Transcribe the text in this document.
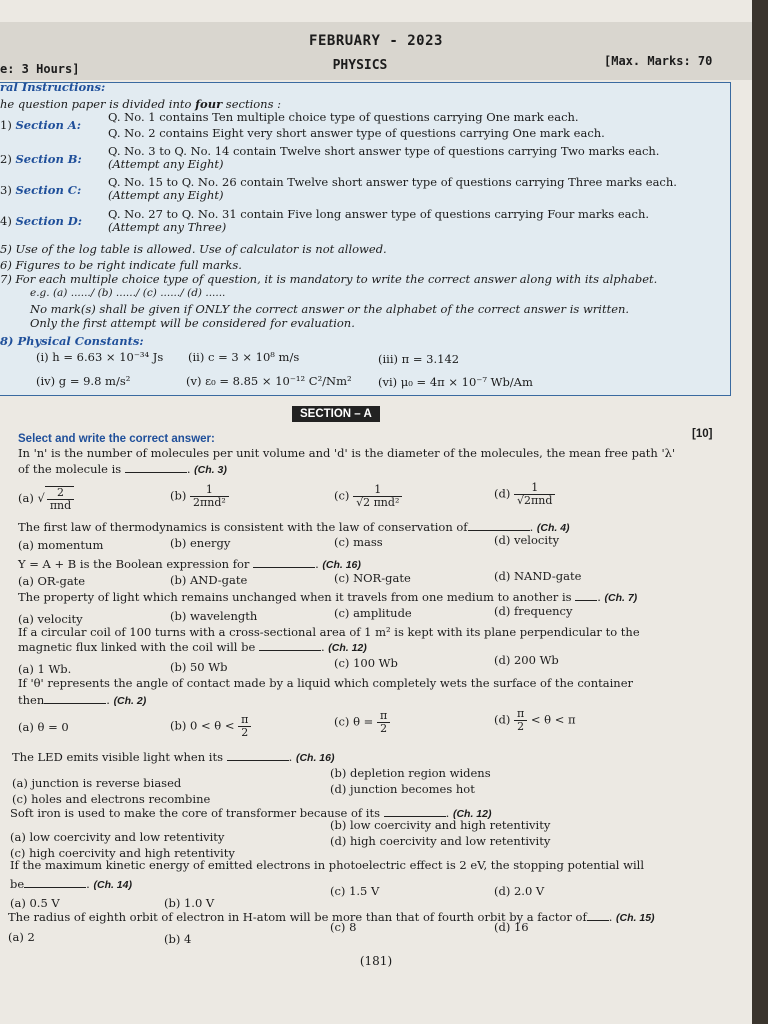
FEBRUARY - 2023
e: 3 Hours]	PHYSICS	[Max. Marks: 70
ral Instructions:
he question paper is divided into four sections :
1) Section A:
Q. No. 1 contains Ten multiple choice type of questions carrying One mark each.
Q. No. 2 contains Eight very short answer type of questions carrying One mark each.
2) Section B:
Q. No. 3 to Q. No. 14 contain Twelve short answer type of questions carrying Two marks each.
(Attempt any Eight)
3) Section C:
Q. No. 15 to Q. No. 26 contain Twelve short answer type of questions carrying Three marks each.
(Attempt any Eight)
4) Section D: Q. No. 27 to Q. No. 31 contain Five long answer type of questions carrying Four marks each.
(Attempt any Three)
5) Use of the log table is allowed. Use of calculator is not allowed.
6) Figures to be right indicate full marks.
7) For each multiple choice type of question, it is mandatory to write the correct answer along with its alphabet.
e.g. (a) ....../ (b) ....../ (c) ....../ (d) ......
No mark(s) shall be given if ONLY the correct answer or the alphabet of the correct answer is written.
Only the first attempt will be considered for evaluation.
8) Physical Constants:
(i) h = 6.63 × 10⁻³⁴ Js (ii) c = 3 × 10⁸ m/s	(iii) π = 3.142
(iv) g = 9.8 m/s²	(v) ε₀ = 8.85 × 10⁻¹² C²/Nm² (vi) μ₀ = 4π × 10⁻⁷ Wb/Am
SECTION – A
Select and write the correct answer:	[10]
In 'n' is the number of molecules per unit volume and 'd' is the diameter of the molecules, the mean free path 'λ'
of the molecule is	. (Ch. 3)
(a) √ $\frac{2}{\text{πnd}}$	$(b) \frac{1}{\text{2πnd²}}$	$(c) \frac{1}{\text{√2 πnd²}}$	$(d) \frac{1}{\text{√2πnd}}$
The first law of thermodynamics is consistent with the law of conservation of	. (Ch. 4)
(a) momentum	(b) energy	(c) mass	(d) velocity
Y = A + B is the Boolean expression for	. (Ch. 16)
(a) OR-gate	(b) AND-gate	(c) NOR-gate	(d) NAND-gate
The property of light which remains unchanged when it travels from one medium to another is . (Ch. 7)
(a) velocity	(b) wavelength	(c) amplitude	(d) frequency
If a circular coil of 100 turns with a cross-sectional area of 1 m² is kept with its plane perpendicular to the
magnetic flux linked with the coil will be	. (Ch. 12)
(a) 1 Wb.	(b) 50 Wb	(c) 100 Wb	(d) 200 Wb
If 'θ' represents the angle of contact made by a liquid which completely wets the surface of the container
then	. (Ch. 2)
(a) θ = 0	(b) $0 < \theta < \frac{\pi}{2}$	(c) $\theta = \frac{\pi}{2}$	$(d) \frac{\pi}{2} < \theta < \pi$
The LED emits visible light when its	. (Ch. 16)
(a) junction is reverse biased
(b) depletion region widens
(c) holes and electrons recombine
(d) junction becomes hot
Soft iron is used to make the core of transformer because of its	. (Ch. 12)
(a) low coercivity and low retentivity
(b) low coercivity and high retentivity
(c) high coercivity and high retentivity
(d) high coercivity and low retentivity
If the maximum kinetic energy of emitted electrons in photoelectric effect is 2 eV, the stopping potential will
be	. (Ch. 14)
(a) 0.5 V	(b) 1.0 V
(c) 1.5 V	(d) 2.0 V
The radius of eighth orbit of electron in H-atom will be more than that of fourth orbit by a factor of . (Ch. 15)
(a) 2	(b) 4
(c) 8	(d) 16
(181)
